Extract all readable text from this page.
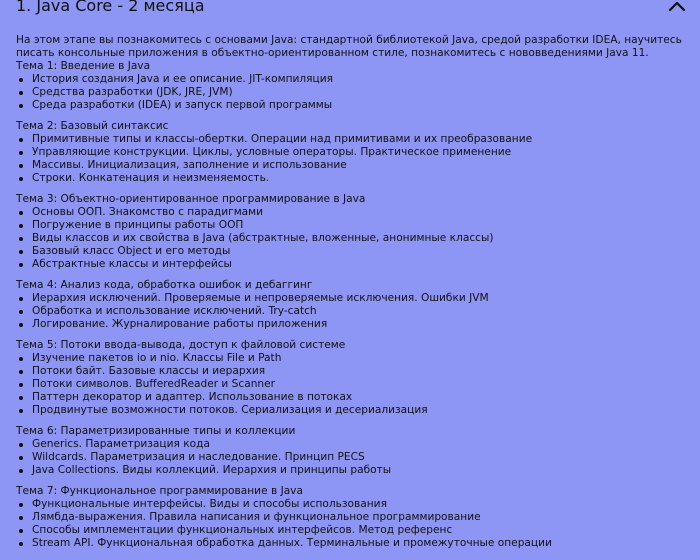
1. Java Core - 2 месяца

На этом этапе вы познакомитесь с основами Java: стандартной библиотекой Java, средой разработки IDEA, научитесь писать консольные приложения в объектно-ориентированном стиле, познакомитесь с нововведениями Java 11.

Тема 1: Введение в Java
История создания Java и ее описание. JIT-компиляция
Средства разработки (JDK, JRE, JVM)
Среда разработки (IDEA) и запуск первой программы
Тема 2: Базовый синтаксис
Примитивные типы и классы-обертки. Операции над примитивами и их преобразование
Управляющие конструкции. Циклы, условные операторы. Практическое применение
Массивы. Инициализация, заполнение и использование
Строки. Конкатенация и неизменяемость.
Тема 3: Объектно-ориентированное программирование в Java
Основы ООП. Знакомство с парадигмами
Погружение в принципы работы ООП
Виды классов и их свойства в Java (абстрактные, вложенные, анонимные классы)
Базовый класс Object и его методы
Абстрактные классы и интерфейсы
Тема 4: Анализ кода, обработка ошибок и дебаггинг
Иерархия исключений. Проверяемые и непроверяемые исключения. Ошибки JVM
Обработка и использование исключений. Try-catch
Логирование. Журналирование работы приложения
Тема 5: Потоки ввода-вывода, доступ к файловой системе
Изучение пакетов io и nio. Классы File и Path
Потоки байт. Базовые классы и иерархия
Потоки символов. BufferedReader и Scanner
Паттерн декоратор и адаптер. Использование в потоках
Продвинутые возможности потоков. Сериализация и десериализация
Тема 6: Параметризированные типы и коллекции
Generics. Параметризация кода
Wildcards. Параметризация и наследование. Принцип PECS
Java Collections. Виды коллекций. Иерархия и принципы работы
Тема 7: Функциональное программирование в Java
Функциональные интерфейсы. Виды и способы использования
Лямбда-выражения. Правила написания и функциональное программирование
Способы имплементации функциональных интерфейсов. Метод референс
Stream API. Функциональная обработка данных. Терминальные и промежуточные операции
